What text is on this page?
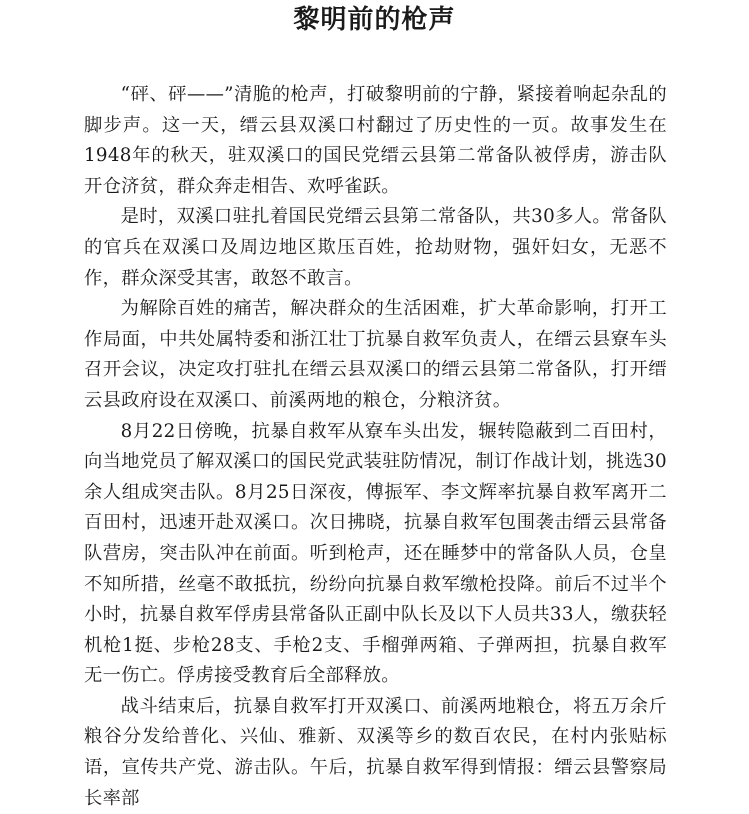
黎明前的枪声

“砰、砰——”清脆的枪声，打破黎明前的宁静，紧接着响起杂乱的脚步声。这一天，缙云县双溪口村翻过了历史性的一页。故事发生在1948年的秋天，驻双溪口的国民党缙云县第二常备队被俘虏，游击队开仓济贫，群众奔走相告、欢呼雀跃。

是时，双溪口驻扎着国民党缙云县第二常备队，共30多人。常备队的官兵在双溪口及周边地区欺压百姓，抢劫财物，强奸妇女，无恶不作，群众深受其害，敢怒不敢言。

为解除百姓的痛苦，解决群众的生活困难，扩大革命影响，打开工作局面，中共处属特委和浙江壮丁抗暴自救军负责人，在缙云县寮车头召开会议，决定攻打驻扎在缙云县双溪口的缙云县第二常备队，打开缙云县政府设在双溪口、前溪两地的粮仓，分粮济贫。

8月22日傍晚，抗暴自救军从寮车头出发，辗转隐蔽到二百田村，向当地党员了解双溪口的国民党武装驻防情况，制订作战计划，挑选30余人组成突击队。8月25日深夜，傅振军、李文辉率抗暴自救军离开二百田村，迅速开赴双溪口。次日拂晓，抗暴自救军包围袭击缙云县常备队营房，突击队冲在前面。听到枪声，还在睡梦中的常备队人员，仓皇不知所措，丝毫不敢抵抗，纷纷向抗暴自救军缴枪投降。前后不过半个小时，抗暴自救军俘虏县常备队正副中队长及以下人员共33人，缴获轻机枪1挺、步枪28支、手枪2支、手榴弹两箱、子弹两担，抗暴自救军无一伤亡。俘虏接受教育后全部释放。

战斗结束后，抗暴自救军打开双溪口、前溪两地粮仓，将五万余斤粮谷分发给普化、兴仙、雅新、双溪等乡的数百农民，在村内张贴标语，宣传共产党、游击队。午后，抗暴自救军得到情报：缙云县警察局长率部
